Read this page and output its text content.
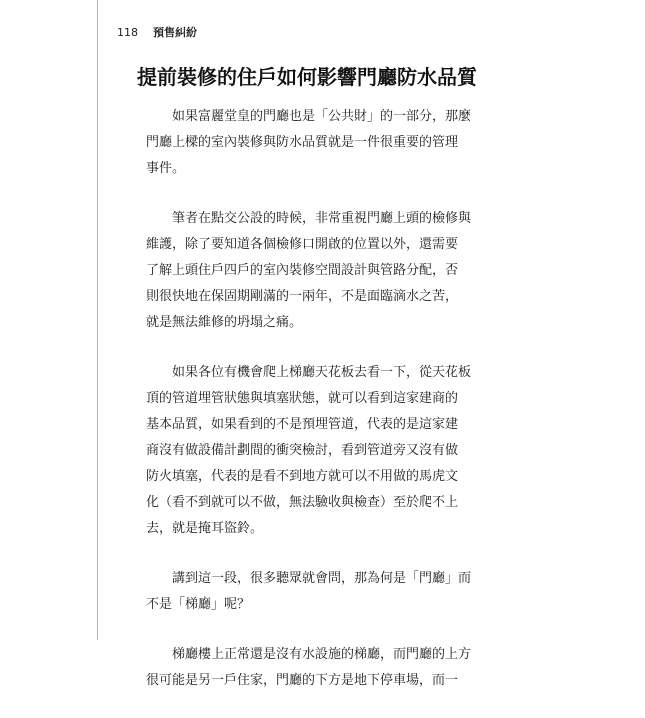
118 預售糾紛
提前裝修的住戶如何影響門廳防水品質

如果富麗堂皇的門廳也是「公共財」的一部分，那麼
門廳上樑的室內裝修與防水品質就是一件很重要的管理
事件。

筆者在點交公設的時候，非常重視門廳上頭的檢修與
維護，除了要知道各個檢修口開啟的位置以外，還需要
了解上頭住戶四戶的室內裝修空間設計與管路分配，否
則很快地在保固期剛滿的一兩年，不是面臨滴水之苦，
就是無法維修的坍塌之痛。

如果各位有機會爬上梯廳天花板去看一下，從天花板
頂的管道埋管狀態與填塞狀態，就可以看到這家建商的
基本品質，如果看到的不是預埋管道，代表的是這家建
商沒有做設備計劃間的衝突檢討，看到管道旁又沒有做
防火填塞，代表的是看不到地方就可以不用做的馬虎文
化（看不到就可以不做，無法驗收與檢查）至於爬不上
去，就是掩耳盜鈴。

講到這一段，很多聽眾就會問，那為何是「門廳」而
不是「梯廳」呢？

梯廳樓上正常還是沒有水設施的梯廳，而門廳的上方
很可能是另一戶住家，門廳的下方是地下停車場，而一
